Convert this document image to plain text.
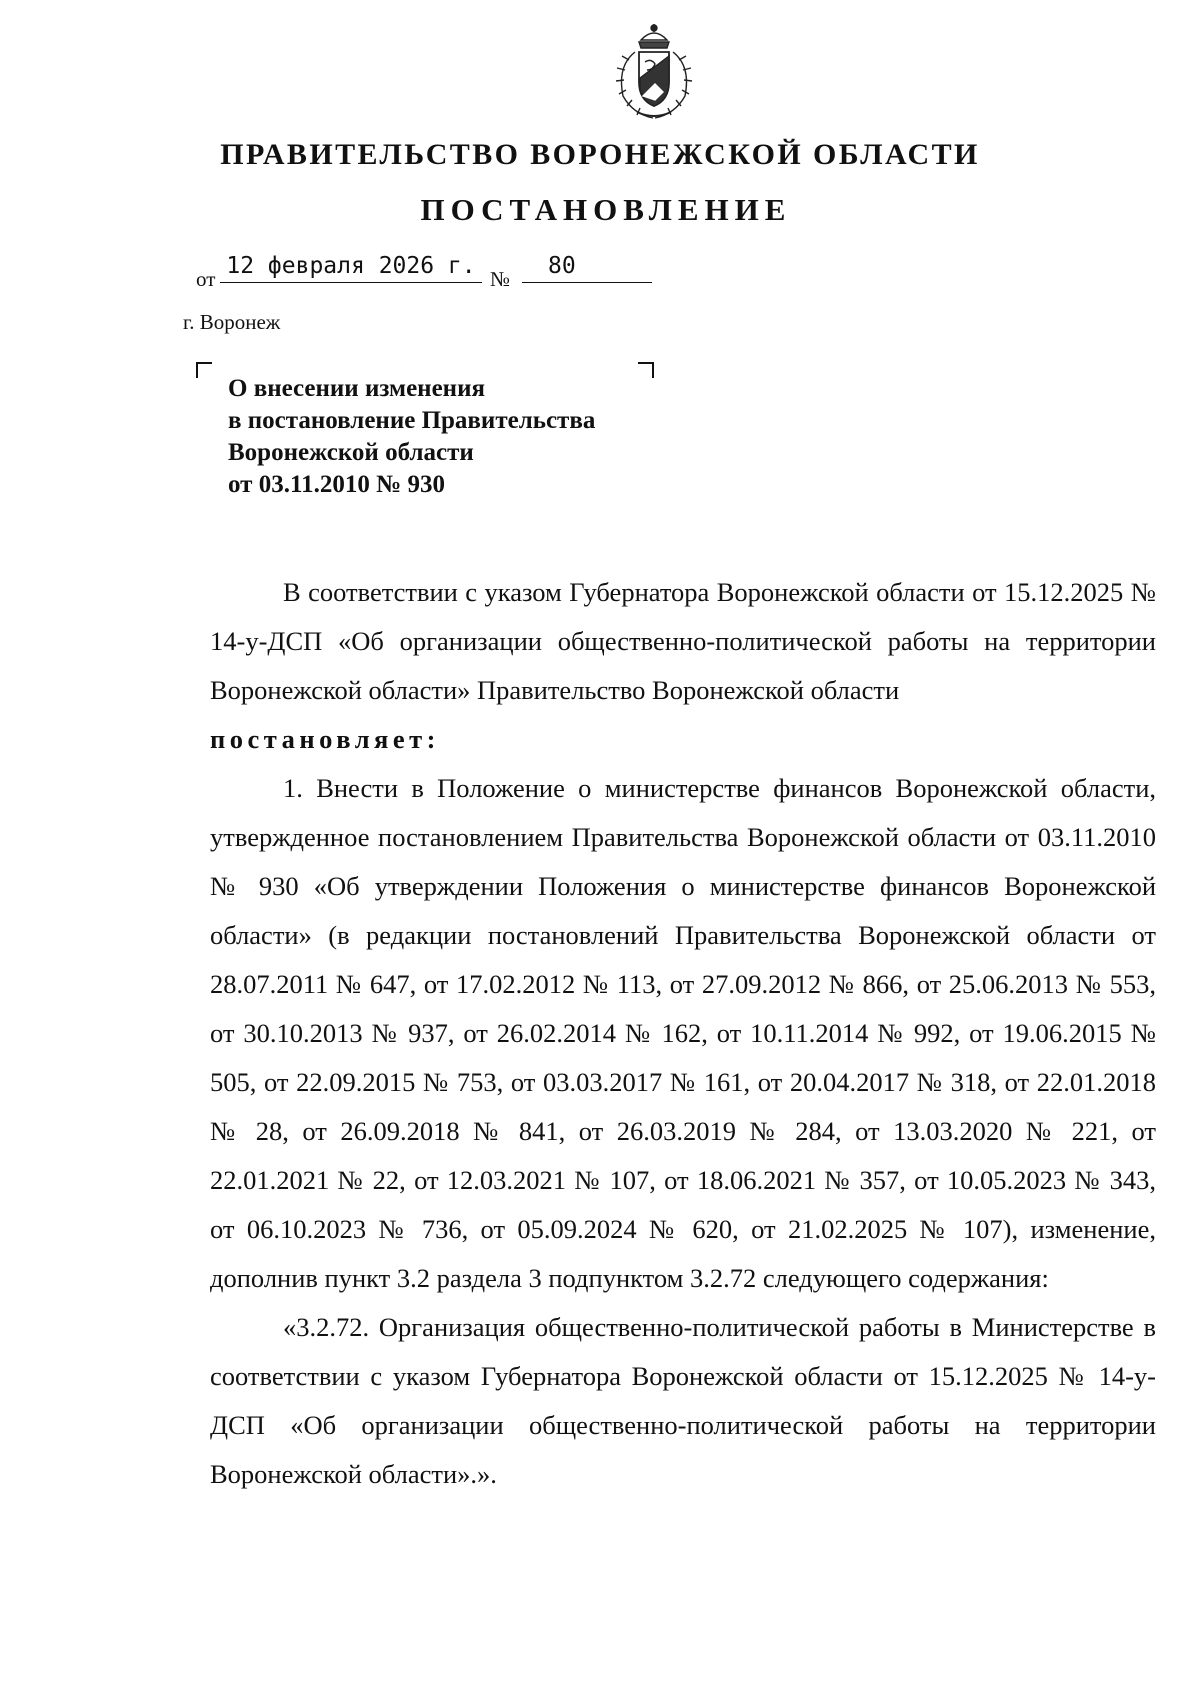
ПРАВИТЕЛЬСТВО ВОРОНЕЖСКОЙ ОБЛАСТИ
ПОСТАНОВЛЕНИЕ
от 12 февраля 2026 г. №	80
г. Воронеж
О внесении изменения
в постановление Правительства
Воронежской области
от 03.11.2010 № 930

В соответствии с указом Губернатора Воронежской области от 15.12.2025 № 14-у-ДСП «Об организации общественно-политической работы на территории Воронежской области» Правительство Воронежской области

постановляет:

1. Внести в Положение о министерстве финансов Воронежской области, утвержденное постановлением Правительства Воронежской области от 03.11.2010 № 930 «Об утверждении Положения о министерстве финансов Воронежской области» (в редакции постановлений Правительства Воронежской области от 28.07.2011 № 647, от 17.02.2012 № 113, от 27.09.2012 № 866, от 25.06.2013 № 553, от 30.10.2013 № 937, от 26.02.2014 № 162, от 10.11.2014 № 992, от 19.06.2015 № 505, от 22.09.2015 № 753, от 03.03.2017 № 161, от 20.04.2017 № 318, от 22.01.2018 № 28, от 26.09.2018 № 841, от 26.03.2019 № 284, от 13.03.2020 № 221, от 22.01.2021 № 22, от 12.03.2021 № 107, от 18.06.2021 № 357, от 10.05.2023 № 343, от 06.10.2023 № 736, от 05.09.2024 № 620, от 21.02.2025 № 107), изменение, дополнив пункт 3.2 раздела 3 подпунктом 3.2.72 следующего содержания:

«3.2.72. Организация общественно-политической работы в Министерстве в соответствии с указом Губернатора Воронежской области от 15.12.2025 № 14-у-ДСП «Об организации общественно-политической работы на территории Воронежской области».».
